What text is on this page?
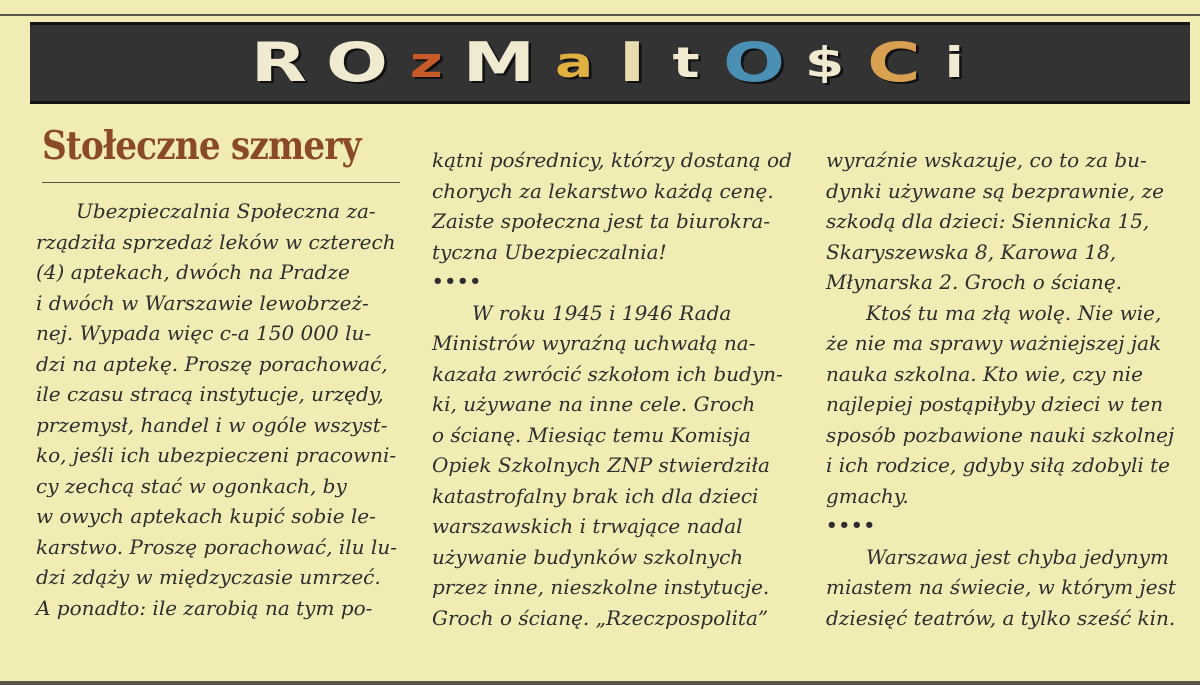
R O z M a I t O $ C i
Stołeczne szmery
Ubezpieczalnia Społeczna za-
rządziła sprzedaż leków w czterech
(4) aptekach, dwóch na Pradze
i dwóch w Warszawie lewobrzeż-
nej. Wypada więc c-a 150 000 lu-
dzi na aptekę. Proszę porachować,
ile czasu stracą instytucje, urzędy,
przemysł, handel i w ogóle wszyst-
ko, jeśli ich ubezpieczeni pracowni-
cy zechcą stać w ogonkach, by
w owych aptekach kupić sobie le-
karstwo. Proszę porachować, ilu lu-
dzi zdąży w międzyczasie umrzeć.
A ponadto: ile zarobią na tym po-
kątni pośrednicy, którzy dostaną od
chorych za lekarstwo każdą cenę.
Zaiste społeczna jest ta biurokra-
tyczna Ubezpieczalnia!
••••
W roku 1945 i 1946 Rada
Ministrów wyraźną uchwałą na-
kazała zwrócić szkołom ich budyn-
ki, używane na inne cele. Groch
o ścianę. Miesiąc temu Komisja
Opiek Szkolnych ZNP stwierdziła
katastrofalny brak ich dla dzieci
warszawskich i trwające nadal
używanie budynków szkolnych
przez inne, nieszkolne instytucje.
Groch o ścianę. „Rzeczpospolita”
wyraźnie wskazuje, co to za bu-
dynki używane są bezprawnie, ze
szkodą dla dzieci: Siennicka 15,
Skaryszewska 8, Karowa 18,
Młynarska 2. Groch o ścianę.
Ktoś tu ma złą wolę. Nie wie,
że nie ma sprawy ważniejszej jak
nauka szkolna. Kto wie, czy nie
najlepiej postąpiłyby dzieci w ten
sposób pozbawione nauki szkolnej
i ich rodzice, gdyby siłą zdobyli te
gmachy.
••••
Warszawa jest chyba jedynym
miastem na świecie, w którym jest
dziesięć teatrów, a tylko sześć kin.
